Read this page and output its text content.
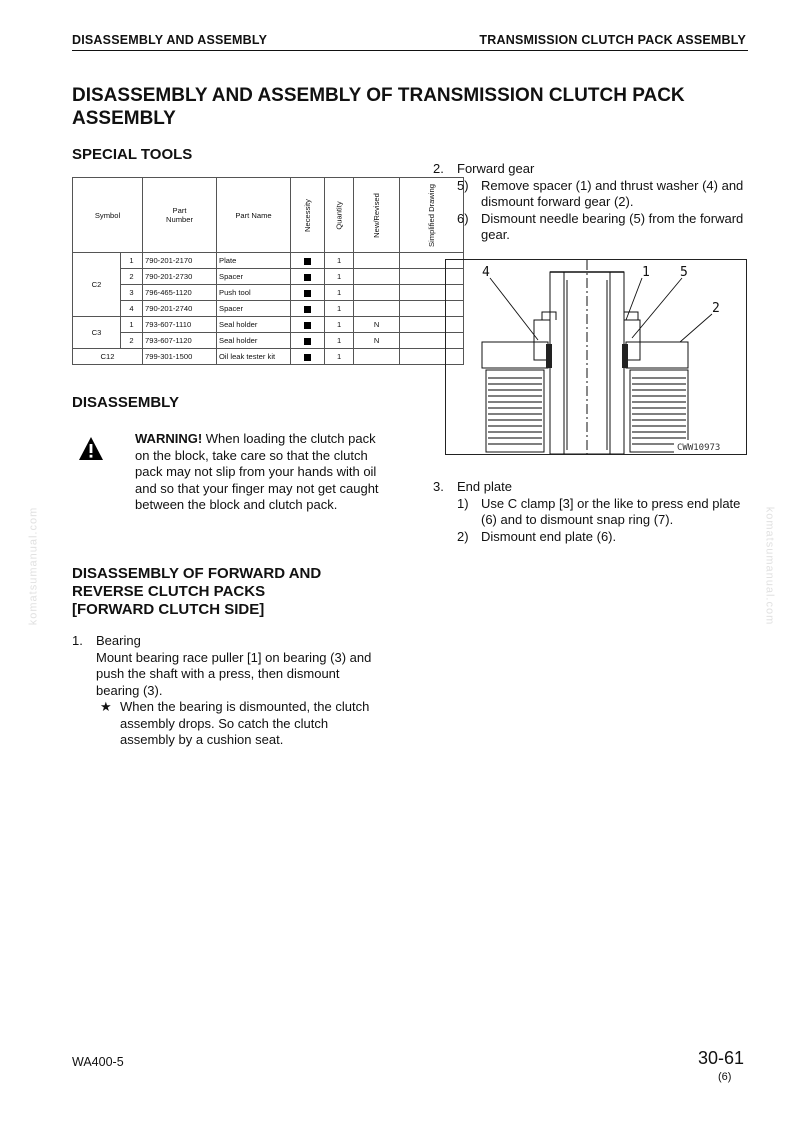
DISASSEMBLY AND ASSEMBLY	TRANSMISSION CLUTCH PACK ASSEMBLY
DISASSEMBLY AND ASSEMBLY OF TRANSMISSION CLUTCH PACK
ASSEMBLY
SPECIAL TOOLS
Symbol		Part
Number	Part Name	Necessity	Quantity	New/Revised	Simplified Drawing
C2	1	790-201-2170	Plate		1		
	2	790-201-2730	Spacer		1		
	3	796-465-1120	Push tool		1		
	4	790-201-2740	Spacer		1		
C3	1	793-607-1110	Seal holder		1	N	
	2	793-607-1120	Seal holder		1	N	
C12		799-301-1500	Oil leak tester kit		1		
DISASSEMBLY
WARNING! When loading the clutch pack on the block, take care so that the clutch pack may not slip from your hands with oil and so that your finger may not get caught between the block and clutch pack.
DISASSEMBLY OF FORWARD AND
REVERSE CLUTCH PACKS
[FORWARD CLUTCH SIDE]
1. Bearing
Mount bearing race puller [1] on bearing (3) and push the shaft with a press, then dismount bearing (3).
★ When the bearing is dismounted, the clutch assembly drops. So catch the clutch assembly by a cushion seat.
2. Forward gear
5) Remove spacer (1) and thrust washer (4) and dismount forward gear (2).
6) Dismount needle bearing (5) from the forward gear.
4	1 5
2
CWW10973
3. End plate
1) Use C clamp [3] or the like to press end plate (6) and to dismount snap ring (7).
2) Dismount end plate (6).
komatsumanual.com	komatsumanual.com
WA400-5	30-61
(6)
